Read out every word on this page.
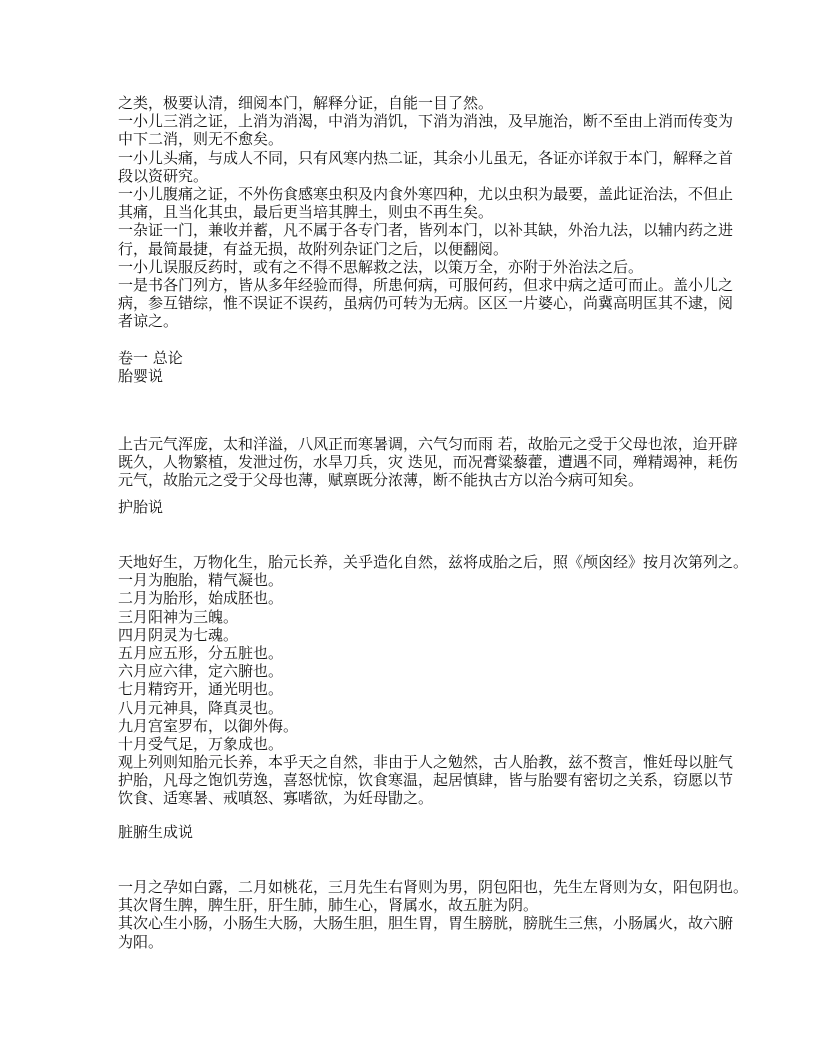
之类，极要认清，细阅本门，解释分证，自能一目了然。
一小儿三消之证，上消为消渴，中消为消饥，下消为消浊，及早施治，断不至由上消而传变为
中下二消，则无不愈矣。
一小儿头痛，与成人不同，只有风寒内热二证，其余小儿虽无，各证亦详叙于本门，解释之首
段以资研究。
一小儿腹痛之证，不外伤食感寒虫积及内食外寒四种，尤以虫积为最要，盖此证治法，不但止
其痛，且当化其虫，最后更当培其脾土，则虫不再生矣。
一杂证一门，兼收并蓄，凡不属于各专门者，皆列本门，以补其缺，外治九法，以辅内药之进
行，最简最捷，有益无损，故附列杂证门之后，以便翻阅。
一小儿误服反药时，或有之不得不思解救之法，以策万全，亦附于外治法之后。
一是书各门列方，皆从多年经验而得，所患何病，可服何药，但求中病之适可而止。盖小儿之
病，参互错综，惟不误证不误药，虽病仍可转为无病。区区一片婆心，尚冀高明匡其不逮，阅
者谅之。
卷一 总论
胎婴说
上古元气浑庞，太和洋溢，八风正而寒暑调，六气匀而雨 若，故胎元之受于父母也浓，迨开辟
既久，人物繁植，发泄过伤，水旱刀兵，灾 迭见，而况膏粱藜藿，遭遇不同，殚精竭神，耗伤
元气，故胎元之受于父母也薄，赋禀既分浓薄，断不能执古方以治今病可知矣。
护胎说
天地好生，万物化生，胎元长养，关乎造化自然，兹将成胎之后，照《颅囟经》按月次第列之。
一月为胞胎，精气凝也。
二月为胎形，始成胚也。
三月阳神为三魄。
四月阴灵为七魂。
五月应五形，分五脏也。
六月应六律，定六腑也。
七月精窍开，通光明也。
八月元神具，降真灵也。
九月宫室罗布，以御外侮。
十月受气足，万象成也。
观上列则知胎元长养，本乎天之自然，非由于人之勉然，古人胎教，兹不赘言，惟妊母以脏气
护胎，凡母之饱饥劳逸，喜怒忧惊，饮食寒温，起居慎肆，皆与胎婴有密切之关系，窃愿以节
饮食、适寒暑、戒嗔怒、寡嗜欲，为妊母勖之。
脏腑生成说
一月之孕如白露，二月如桃花，三月先生右肾则为男，阴包阳也，先生左肾则为女，阳包阴也。
其次肾生脾，脾生肝，肝生肺，肺生心，肾属水，故五脏为阴。
其次心生小肠，小肠生大肠，大肠生胆，胆生胃，胃生膀胱，膀胱生三焦，小肠属火，故六腑
为阳。
